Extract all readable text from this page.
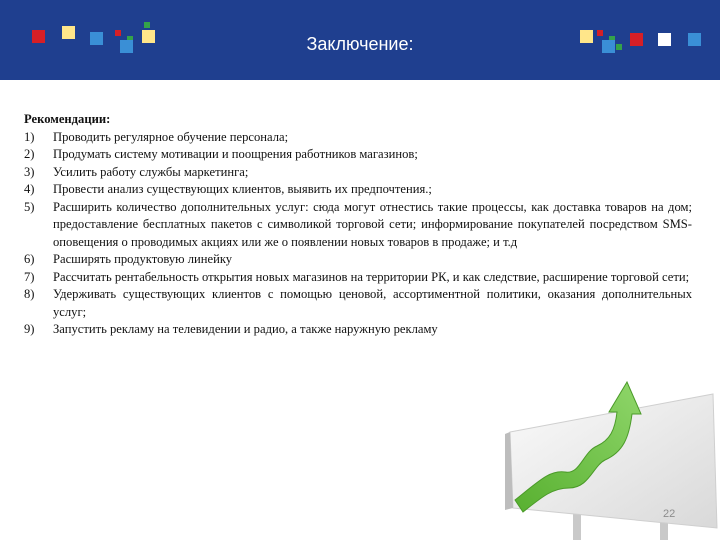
Заключение:
Рекомендации:
1) Проводить регулярное обучение персонала;
2) Продумать систему мотивации и поощрения работников магазинов;
3) Усилить работу службы маркетинга;
4) Провести анализ существующих клиентов, выявить их предпочтения.;
5) Расширить количество дополнительных услуг: сюда могут отнестись такие процессы, как доставка товаров на дом; предоставление бесплатных пакетов с символикой торговой сети; информирование покупателей посредством SMS-оповещения о проводимых акциях или же о появлении новых товаров в продаже; и т.д
6) Расширять продуктовую линейку
7) Рассчитать рентабельность открытия новых магазинов на территории РК, и как следствие, расширение торговой сети;
8) Удерживать существующих клиентов с помощью ценовой, ассортиментной политики, оказания дополнительных услуг;
9) Запустить рекламу на телевидении и радио, а также наружную рекламу
22
